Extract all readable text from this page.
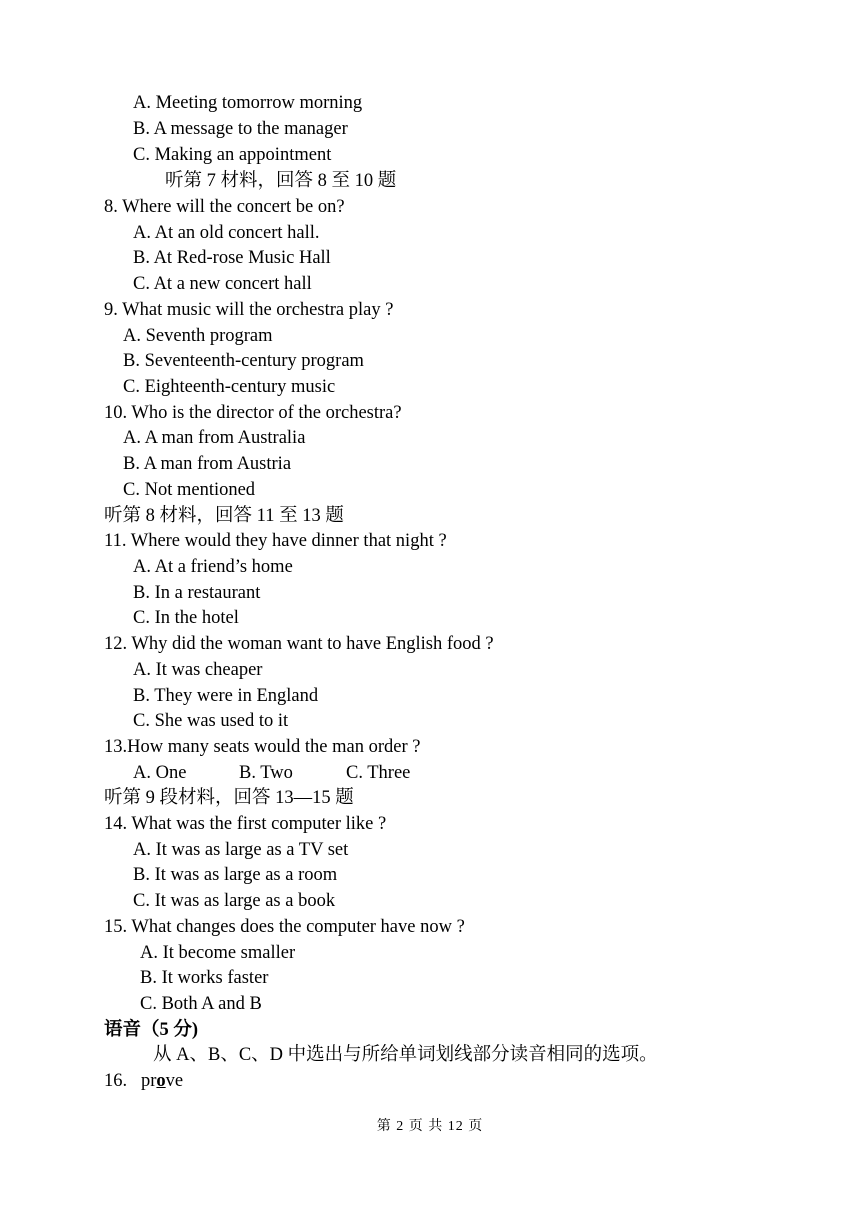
A. Meeting tomorrow morning
B. A message to the manager
C. Making an appointment
听第 7 材料，回答 8 至 10 题
8. Where will the concert be on?
A. At an old concert hall.
B. At Red-rose Music Hall
C. At a new concert hall
9. What music will the orchestra play ?
A. Seventh program
B. Seventeenth-century program
C. Eighteenth-century music
10. Who is the director of the orchestra?
A. A man from Australia
B. A man from Austria
C. Not mentioned
听第 8 材料，回答 11 至 13 题
11. Where would they have dinner that night ?
A. At a friend’s home
B. In a restaurant
C. In the hotel
12. Why did the woman want to have English food ?
A. It was cheaper
B. They were in England
C. She was used to it
13.How many seats would the man order ?
A. One	B. Two	C. Three
听第 9 段材料，回答 13—15 题
14. What was the first computer like ?
A. It was as large as a TV set
B. It was as large as a room
C. It was as large as a book
15. What changes does the computer have now ?
A. It become smaller
B. It works faster
C. Both A and B
语音（5 分)
从 A、B、C、D 中选出与所给单词划线部分读音相同的选项。
16. prove
第 2 页 共 12 页
